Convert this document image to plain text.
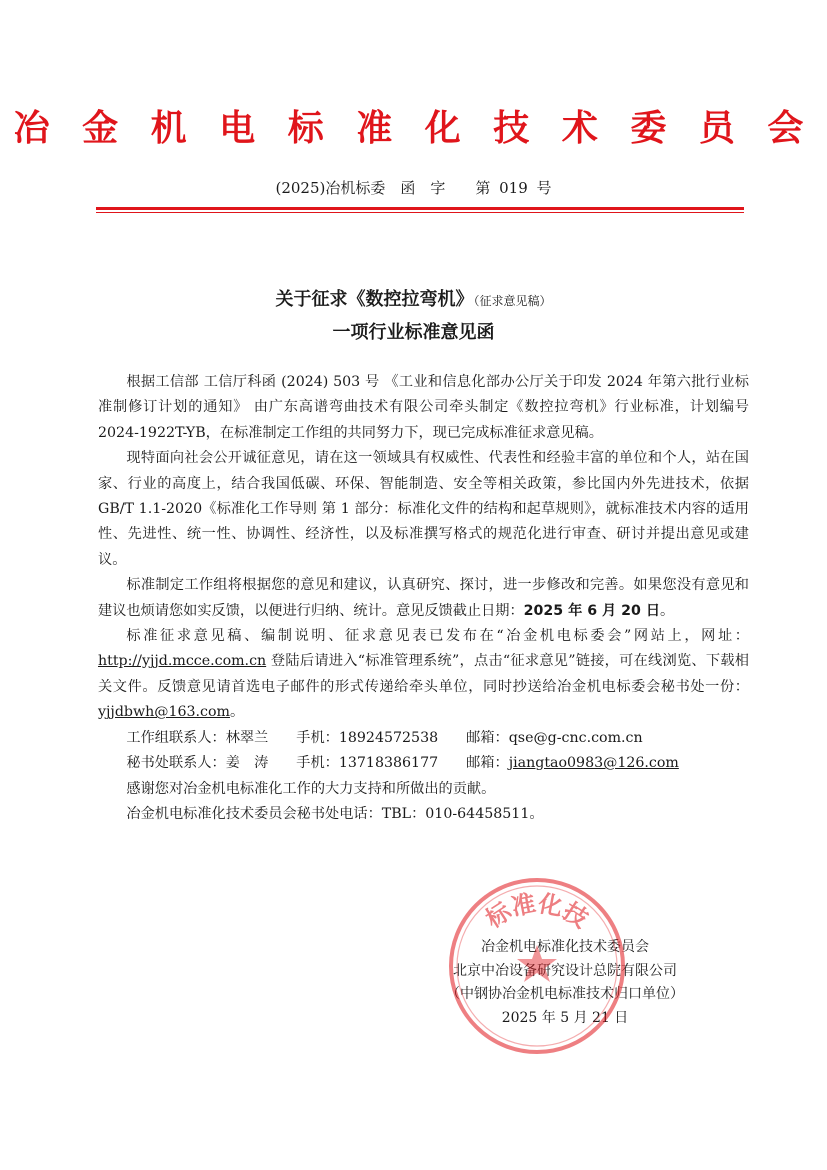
冶 金 机 电 标 准 化 技 术 委 员 会
(2025)冶机标委　函　字　　第 019 号
关于征求《数控拉弯机》（征求意见稿）
一项行业标准意见函

根据工信部 工信厅科函 (2024) 503 号 《工业和信息化部办公厅关于印发 2024 年第六批行业标准制修订计划的通知》 由广东高谱弯曲技术有限公司牵头制定《数控拉弯机》行业标准，计划编号 2024-1922T-YB，在标准制定工作组的共同努力下，现已完成标准征求意见稿。

现特面向社会公开诚征意见，请在这一领域具有权威性、代表性和经验丰富的单位和个人，站在国家、行业的高度上，结合我国低碳、环保、智能制造、安全等相关政策，参比国内外先进技术，依据 GB/T 1.1-2020《标准化工作导则 第 1 部分：标准化文件的结构和起草规则》，就标准技术内容的适用性、先进性、统一性、协调性、经济性，以及标准撰写格式的规范化进行审查、研讨并提出意见或建议。

标准制定工作组将根据您的意见和建议，认真研究、探讨，进一步修改和完善。如果您没有意见和建议也烦请您如实反馈，以便进行归纳、统计。意见反馈截止日期：2025 年 6 月 20 日。

标准征求意见稿、编制说明、征求意见表已发布在“冶金机电标委会”网站上，网址：http://yjjd.mcce.com.cn 登陆后请进入“标准管理系统”，点击“征求意见”链接，可在线浏览、下载相关文件。反馈意见请首选电子邮件的形式传递给牵头单位，同时抄送给冶金机电标委会秘书处一份：yjjdbwh@163.com。

工作组联系人：林翠兰 手机：18924572538 邮箱：qse@g-cnc.com.cn
秘书处联系人：姜　涛 手机：13718386177 邮箱：jiangtao0983@126.com
感谢您对冶金机电标准化工作的大力支持和所做出的贡献。
冶金机电标准化技术委员会秘书处电话：TBL：010-64458511。
冶金机电标准化技术委员会
北京中冶设备研究设计总院有限公司
（中钢协冶金机电标准技术归口单位）
2025 年 5 月 21 日
标准化技
